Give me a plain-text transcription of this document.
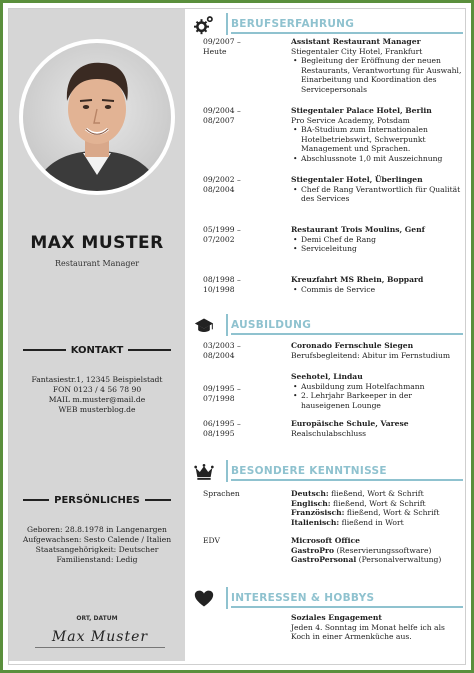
MAX MUSTER
Restaurant Manager
KONTAKT
Fantasiestr.1, 12345 Beispielstadt
FON 0123 / 4 56 78 90
MAIL m.muster@mail.de
WEB musterblog.de
PERSÖNLICHES
Geboren: 28.8.1978 in Langenargen
Aufgewachsen: Sesto Calende / Italien
Staatsangehörigkeit: Deutscher
Familienstand: Ledig
ORT, DATUM
Max Muster
BERUFSERFAHRUNG
09/2007 –
Heute
Assistant Restaurant Manager
Stiegentaler City Hotel, Frankfurt
• Begleitung der Eröffnung der neuen Restaurants, Verantwortung für Auswahl, Einarbeitung und Koordination des Servicepersonals
09/2004 –
08/2007
Stiegentaler Palace Hotel, Berlin
Pro Service Academy, Potsdam
• BA-Studium zum Internationalen Hotelbetriebswirt, Schwerpunkt Management und Sprachen.
• Abschlussnote 1,0 mit Auszeichnung
09/2002 –
08/2004
Stiegentaler Hotel, Überlingen
• Chef de Rang Verantwortlich für Qualität des Services
05/1999 –
07/2002
Restaurant Trois Moulins, Genf
• Demi Chef de Rang
• Serviceleitung
08/1998 –
10/1998
Kreuzfahrt MS Rhein, Boppard
• Commis de Service
AUSBILDUNG
03/2003 –
08/2004
Coronado Fernschule Siegen
Berufsbegleitend: Abitur im Fernstudium
09/1995 –
07/1998
Seehotel, Lindau
• Ausbildung zum Hotelfachmann
• 2. Lehrjahr Barkeeper in der hauseigenen Lounge
06/1995 –
08/1995
Europäische Schule, Varese
Realschulabschluss
BESONDERE KENNTNISSE
Sprachen	Deutsch: fließend, Wort & Schrift
Englisch: fließend, Wort & Schrift
Französisch: fließend, Wort & Schrift
Italienisch: fließend in Wort
EDV	Microsoft Office
GastroPro (Reservierungssoftware)
GastroPersonal (Personalverwaltung)
INTERESSEN & HOBBYS
Soziales Engagement
Jeden 4. Sonntag im Monat helfe ich als Koch in einer Armenküche aus.
